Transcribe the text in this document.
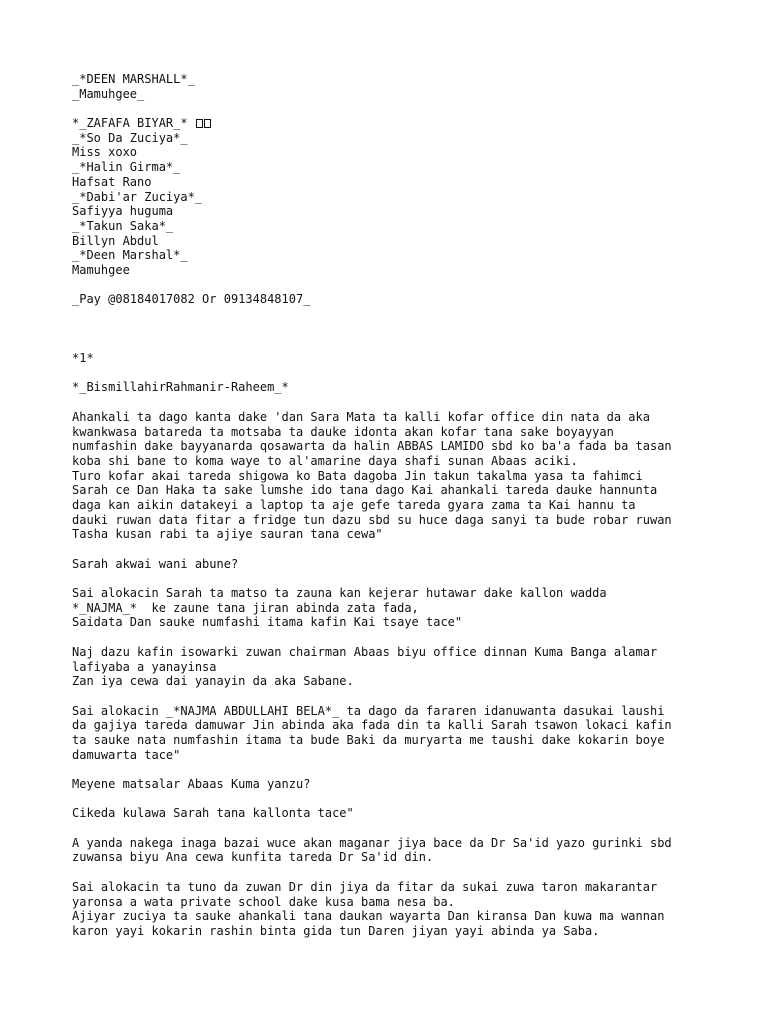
_*DEEN MARSHALL*_
_Mamuhgee_
*_ZAFAFA BIYAR_*
_*So Da Zuciya*_
Miss xoxo
_*Halin Girma*_
Hafsat Rano
_*Dabi'ar Zuciya*_
Safiyya huguma
_*Takun Saka*_
Billyn Abdul
_*Deen Marshal*_
Mamuhgee
_Pay @08184017082 Or 09134848107_
*1*
*_BismillahirRahmanir-Raheem_*
Ahankali ta dago kanta dake 'dan Sara Mata ta kalli kofar office din nata da aka
kwankwasa batareda ta motsaba ta dauke idonta akan kofar tana sake boyayyan
numfashin dake bayyanarda qosawarta da halin ABBAS LAMIDO sbd ko ba'a fada ba tasan
koba shi bane to koma waye to al'amarine daya shafi sunan Abaas aciki.
Turo kofar akai tareda shigowa ko Bata dagoba Jin takun takalma yasa ta fahimci
Sarah ce Dan Haka ta sake lumshe ido tana dago Kai ahankali tareda dauke hannunta
daga kan aikin datakeyi a laptop ta aje gefe tareda gyara zama ta Kai hannu ta
dauki ruwan data fitar a fridge tun dazu sbd su huce daga sanyi ta bude robar ruwan
Tasha kusan rabi ta ajiye sauran tana cewa"
Sarah akwai wani abune?
Sai alokacin Sarah ta matso ta zauna kan kejerar hutawar dake kallon wadda
*_NAJMA_*  ke zaune tana jiran abinda zata fada,
Saidata Dan sauke numfashi itama kafin Kai tsaye tace"
Naj dazu kafin isowarki zuwan chairman Abaas biyu office dinnan Kuma Banga alamar
lafiyaba a yanayinsa
Zan iya cewa dai yanayin da aka Sabane.
Sai alokacin _*NAJMA ABDULLAHI BELA*_ ta dago da fararen idanuwanta dasukai laushi
da gajiya tareda damuwar Jin abinda aka fada din ta kalli Sarah tsawon lokaci kafin
ta sauke nata numfashin itama ta bude Baki da muryarta me taushi dake kokarin boye
damuwarta tace"
Meyene matsalar Abaas Kuma yanzu?
Cikeda kulawa Sarah tana kallonta tace"
A yanda nakega inaga bazai wuce akan maganar jiya bace da Dr Sa'id yazo gurinki sbd
zuwansa biyu Ana cewa kunfita tareda Dr Sa'id din.
Sai alokacin ta tuno da zuwan Dr din jiya da fitar da sukai zuwa taron makarantar
yaronsa a wata private school dake kusa bama nesa ba.
Ajiyar zuciya ta sauke ahankali tana daukan wayarta Dan kiransa Dan kuwa ma wannan
karon yayi kokarin rashin binta gida tun Daren jiyan yayi abinda ya Saba.
